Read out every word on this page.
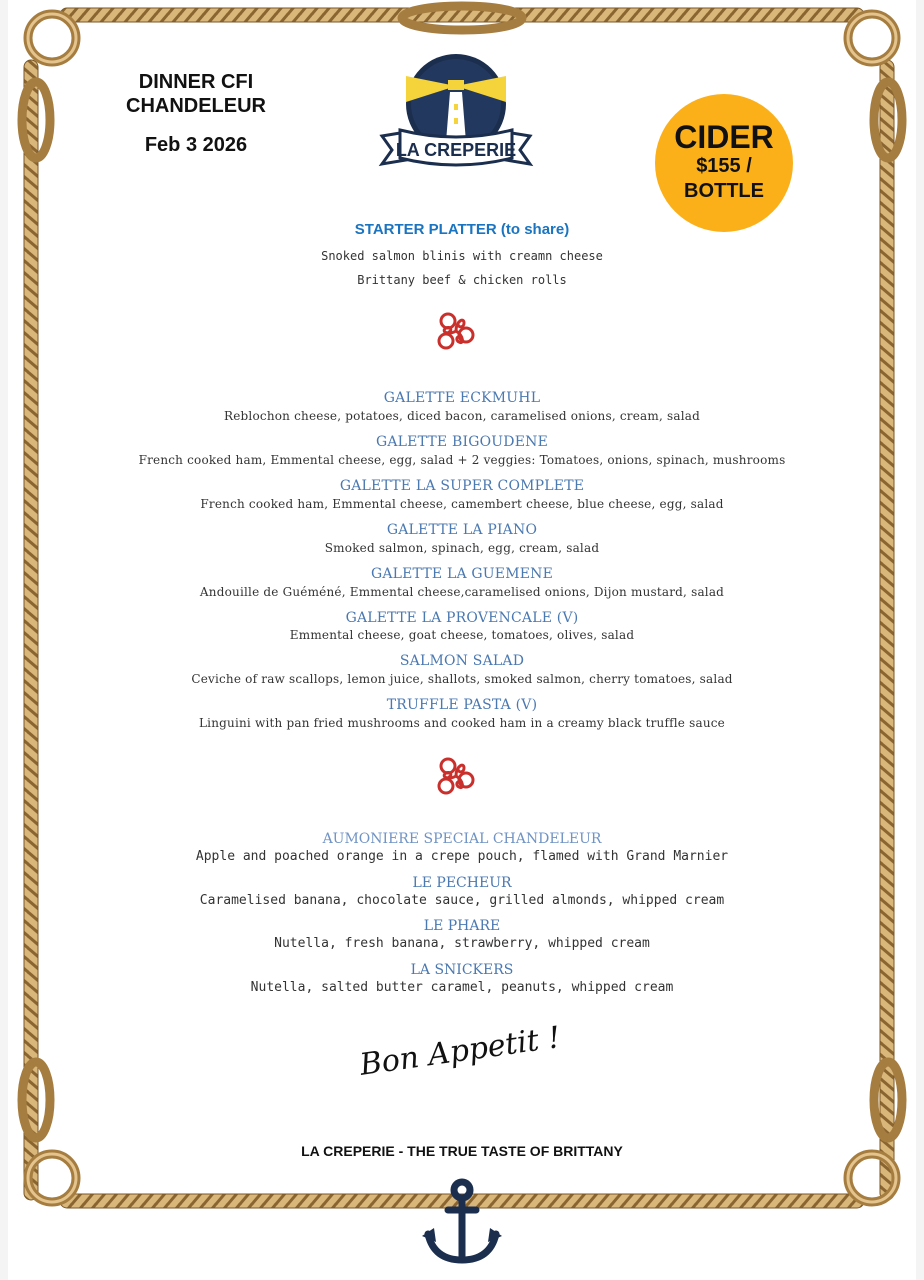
DINNER CFI
CHANDELEUR
Feb 3 2026	LA CREPERIE	CIDER
$155 /
BOTTLE
STARTER PLATTER (to share)
Snoked salmon blinis with creamn cheese
Brittany beef & chicken rolls
GALETTE ECKMUHL
Reblochon cheese, potatoes, diced bacon, caramelised onions, cream, salad
GALETTE BIGOUDENE
French cooked ham, Emmental cheese, egg, salad + 2 veggies: Tomatoes, onions, spinach, mushrooms
GALETTE LA SUPER COMPLETE
French cooked ham, Emmental cheese, camembert cheese, blue cheese, egg, salad
GALETTE LA PIANO
Smoked salmon, spinach, egg, cream, salad
GALETTE LA GUEMENE
Andouille de Guéméné, Emmental cheese,caramelised onions, Dijon mustard, salad
GALETTE LA PROVENCALE (V)
Emmental cheese, goat cheese, tomatoes, olives, salad
SALMON SALAD
Ceviche of raw scallops, lemon juice, shallots, smoked salmon, cherry tomatoes, salad
TRUFFLE PASTA (V)
Linguini with pan fried mushrooms and cooked ham in a creamy black truffle sauce
AUMONIERE SPECIAL CHANDELEUR
Apple and poached orange in a crepe pouch, flamed with Grand Marnier
LE PECHEUR
Caramelised banana, chocolate sauce, grilled almonds, whipped cream
LE PHARE
Nutella, fresh banana, strawberry, whipped cream
LA SNICKERS
Nutella, salted butter caramel, peanuts, whipped cream
Bon Appetit !
LA CREPERIE - THE TRUE TASTE OF BRITTANY
